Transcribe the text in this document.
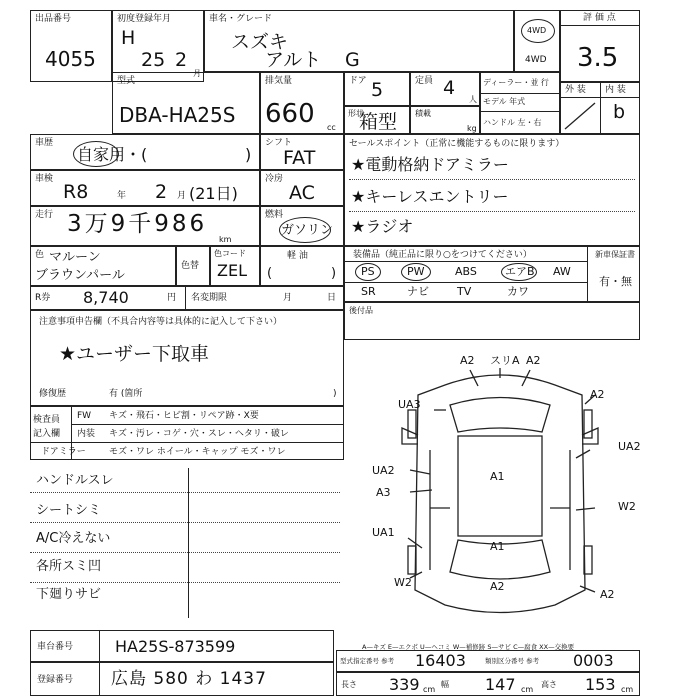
出品番号
4055
初度登録年月
H
25 2
月
車名・グレード
スズキ
アルト G
4WD
4WD
評 価 点
3.5
型式
DBA-HA25S
排気量
660 cc
ドア 5	定員 4
人
形状
箱型 積載
kg
ディーラー・並 行
モデル 年式
ハンドル 左・右
外 装 内 装
b
車歴
自家用・(	)
シフト
FAT
車検
R8	年 2 月 (21日)
冷房
AC
走行 3万9千986
km
燃料
ガソリン
色 マルーン
ブラウンパール
色替
色コード
ZEL
軽 油
(	)
R券 8,740	円 名変期限	月	日
セールスポイント（正常に機能するものに限ります）
★電動格納ドアミラー
★キーレスエントリー
★ラジオ
装備品（純正品に限り○をつけてください）	新車保証書
PS	PW	ABS	エアB AW
SR	ナビ	TV	カワ
有・無
後付品
注意事項申告欄（不具合内容等は具体的に記入して下さい）
★ユーザー下取車
修復歴	有 (箇所	)
検査員
記入欄
FW キズ・飛石・ヒビ割・リペア跡・X要
内装 キズ・汚レ・コゲ・穴・スレ・ヘタリ・破レ
ドアミラー	モズ・ワレ ホイール・キャップ モズ・ワレ
ハンドルスレ
シートシミ
A/C冷えない
各所スミ凹
下廻りサビ
A2 スリA A2
A1
A2
UA3
UA2
UA2
A3
W2
UA1
W2	A2
A1
A2
車台番号	HA25S-873599
登録番号 広島 580 わ 1437
A—キズ E—エクボ U—ヘコミ W—補修跡 S—サビ C—腐食 XX—交換要
型式指定番号 参考 16403	類別区分番号 参考 0003
長さ 339 cm
幅 147 cm
高さ 153 cm
